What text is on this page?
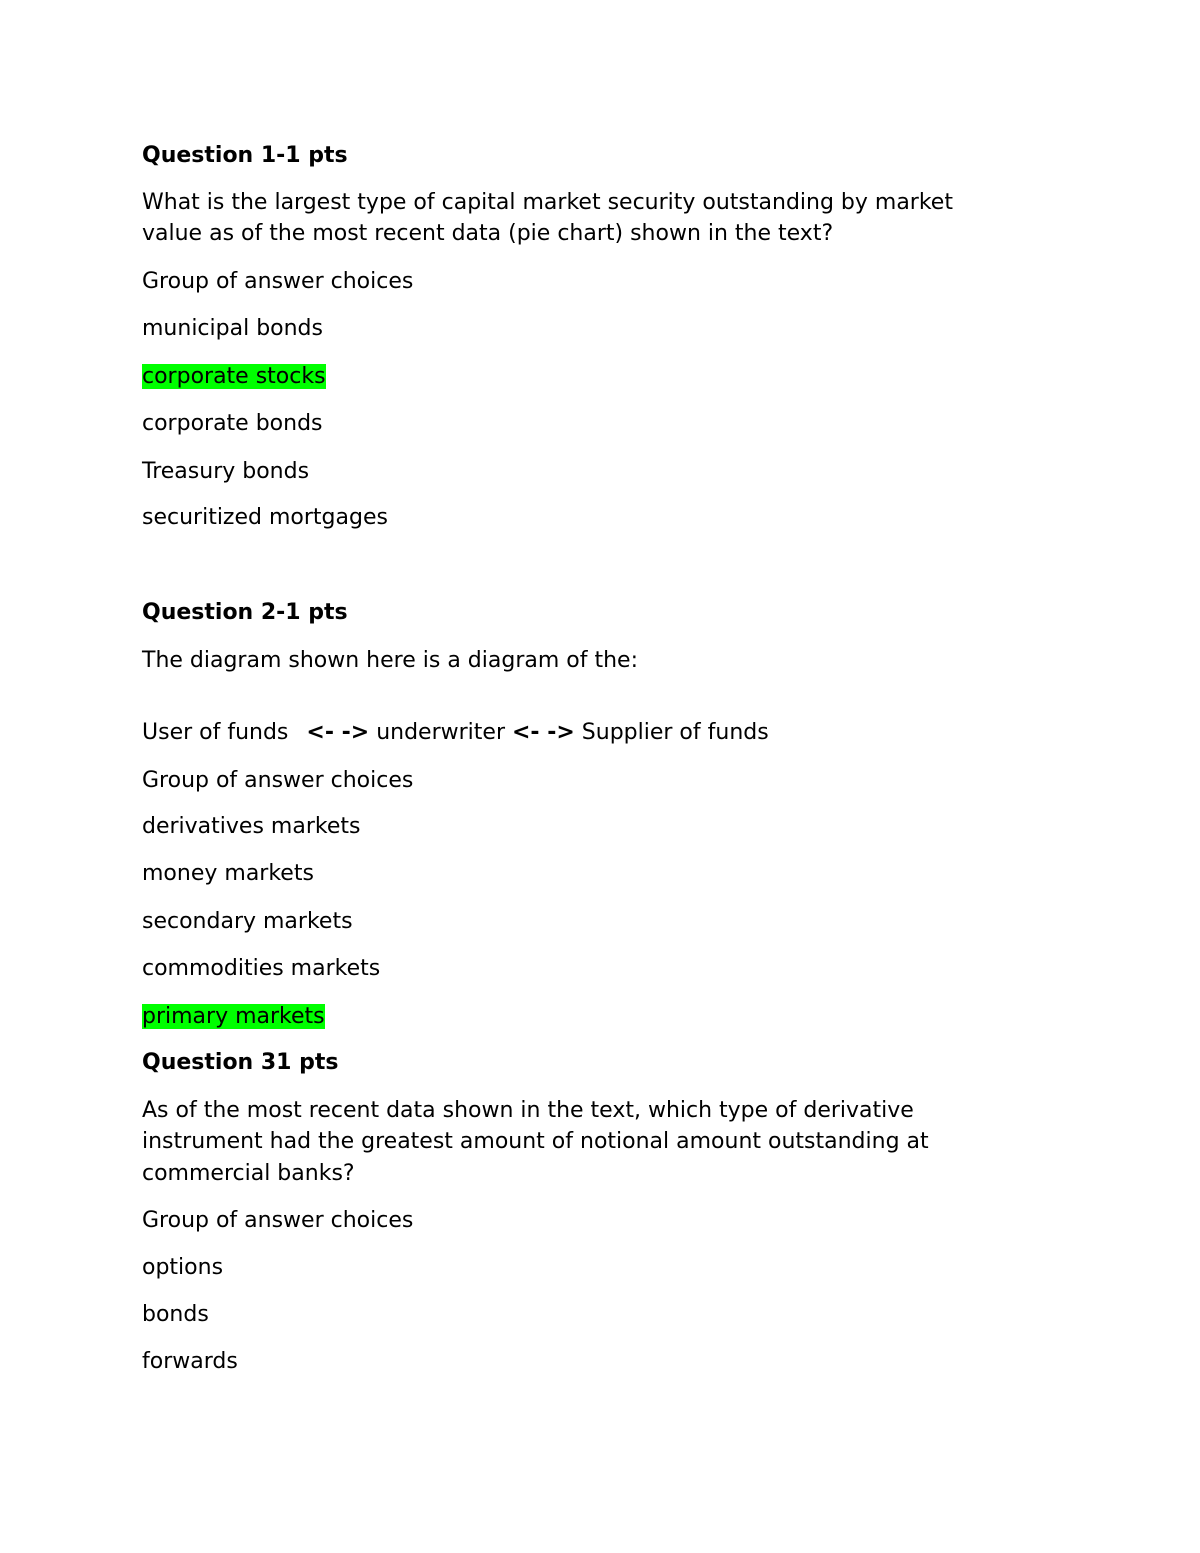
Question 1-1 pts
What is the largest type of capital market security outstanding by market
value as of the most recent data (pie chart) shown in the text?
Group of answer choices
municipal bonds
corporate stocks
corporate bonds
Treasury bonds
securitized mortgages
Question 2-1 pts
The diagram shown here is a diagram of the:
User of funds <- -> underwriter <- -> Supplier of funds
Group of answer choices
derivatives markets
money markets
secondary markets
commodities markets
primary markets
Question 31 pts
As of the most recent data shown in the text, which type of derivative
instrument had the greatest amount of notional amount outstanding at
commercial banks?
Group of answer choices
options
bonds
forwards
